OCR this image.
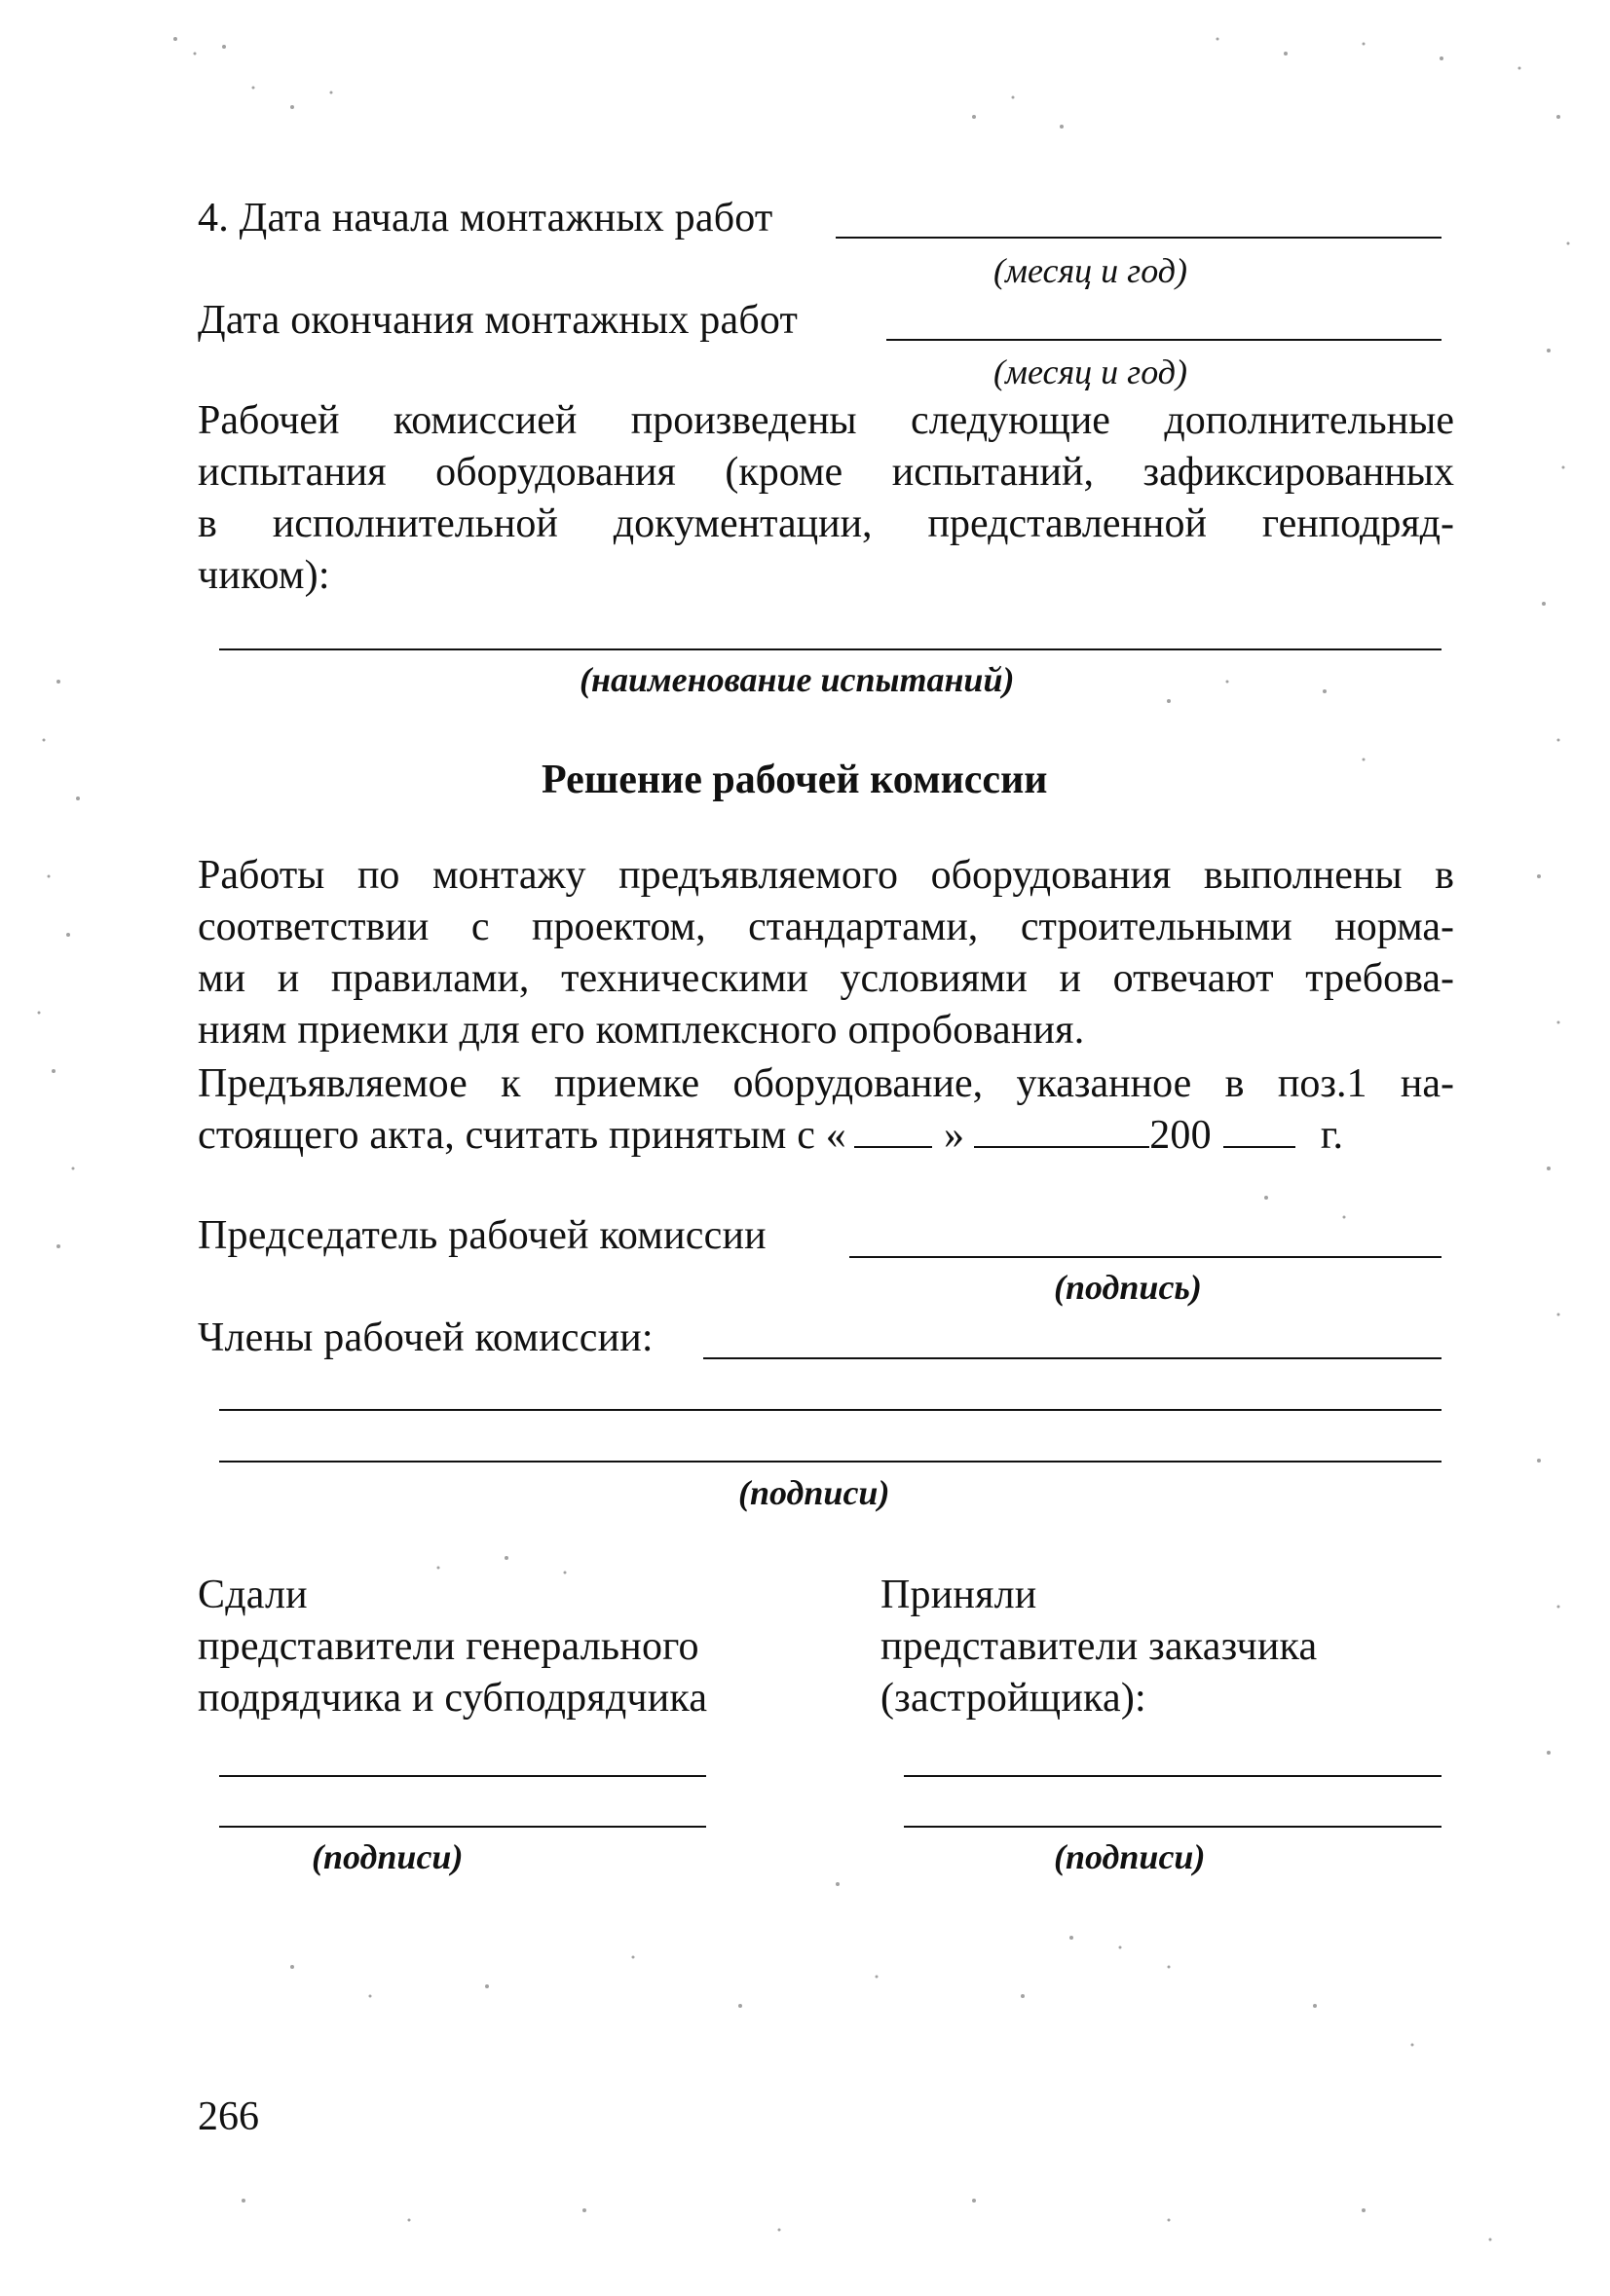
4. Дата начала монтажных работ
(месяц и год)
Дата окончания монтажных работ
(месяц и год)
Рабочей комиссией произведены следующие дополнительные
испытания оборудования (кроме испытаний, зафиксированных
в исполнительной документации, представленной генподряд-
чиком):
(наименование испытаний)
Решение рабочей комиссии
Работы по монтажу предъявляемого оборудования выполнены в
соответствии с проектом, стандартами, строительными норма-
ми и правилами, техническими условиями и отвечают требова-
ниям приемки для его комплексного опробования.
Предъявляемое к приемке оборудование, указанное в поз.1 на-
стоящего акта, считать принятым с « »	200	г.
Председатель рабочей комиссии
(подпись)
Члены рабочей комиссии:
(подписи)
Сдали
представители генерального
подрядчика и субподрядчика
(подписи)
Приняли
представители заказчика
(застройщика):
(подписи)
266
